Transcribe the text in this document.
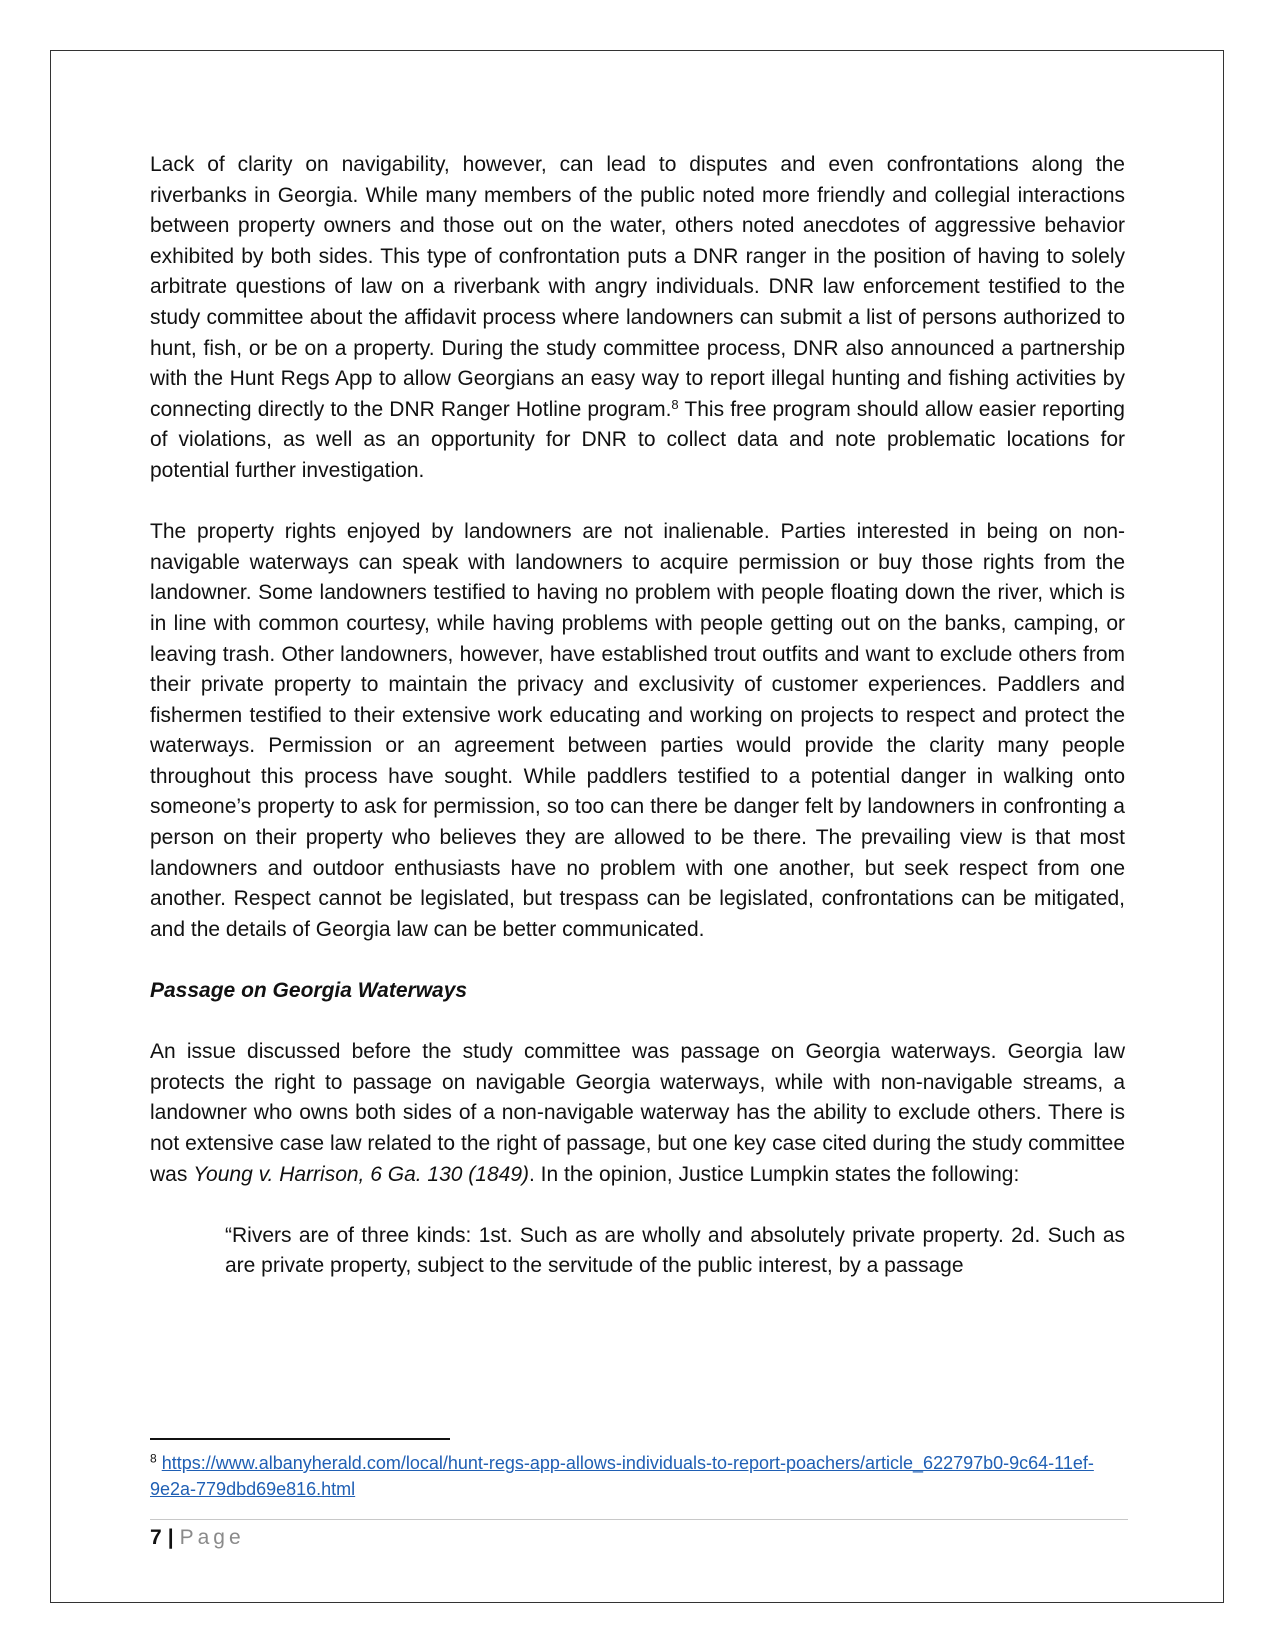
Lack of clarity on navigability, however, can lead to disputes and even confrontations along the riverbanks in Georgia. While many members of the public noted more friendly and collegial interactions between property owners and those out on the water, others noted anecdotes of aggressive behavior exhibited by both sides. This type of confrontation puts a DNR ranger in the position of having to solely arbitrate questions of law on a riverbank with angry individuals. DNR law enforcement testified to the study committee about the affidavit process where landowners can submit a list of persons authorized to hunt, fish, or be on a property. During the study committee process, DNR also announced a partnership with the Hunt Regs App to allow Georgians an easy way to report illegal hunting and fishing activities by connecting directly to the DNR Ranger Hotline program.$^8$ This free program should allow easier reporting of violations, as well as an opportunity for DNR to collect data and note problematic locations for potential further investigation.

The property rights enjoyed by landowners are not inalienable. Parties interested in being on non-navigable waterways can speak with landowners to acquire permission or buy those rights from the landowner. Some landowners testified to having no problem with people floating down the river, which is in line with common courtesy, while having problems with people getting out on the banks, camping, or leaving trash. Other landowners, however, have established trout outfits and want to exclude others from their private property to maintain the privacy and exclusivity of customer experiences. Paddlers and fishermen testified to their extensive work educating and working on projects to respect and protect the waterways. Permission or an agreement between parties would provide the clarity many people throughout this process have sought. While paddlers testified to a potential danger in walking onto someone’s property to ask for permission, so too can there be danger felt by landowners in confronting a person on their property who believes they are allowed to be there. The prevailing view is that most landowners and outdoor enthusiasts have no problem with one another, but seek respect from one another. Respect cannot be legislated, but trespass can be legislated, confrontations can be mitigated, and the details of Georgia law can be better communicated.

Passage on Georgia Waterways

An issue discussed before the study committee was passage on Georgia waterways. Georgia law protects the right to passage on navigable Georgia waterways, while with non-navigable streams, a landowner who owns both sides of a non-navigable waterway has the ability to exclude others. There is not extensive case law related to the right of passage, but one key case cited during the study committee was Young v. Harrison, 6 Ga. 130 (1849). In the opinion, Justice Lumpkin states the following:

“Rivers are of three kinds: 1st. Such as are wholly and absolutely private property. 2d. Such as are private property, subject to the servitude of the public interest, by a passage

$^8$ https://www.albanyherald.com/local/hunt-regs-app-allows-individuals-to-report-poachers/article_622797b0-9c64-11ef-9e2a-779dbd69e816.html
7 | Page
